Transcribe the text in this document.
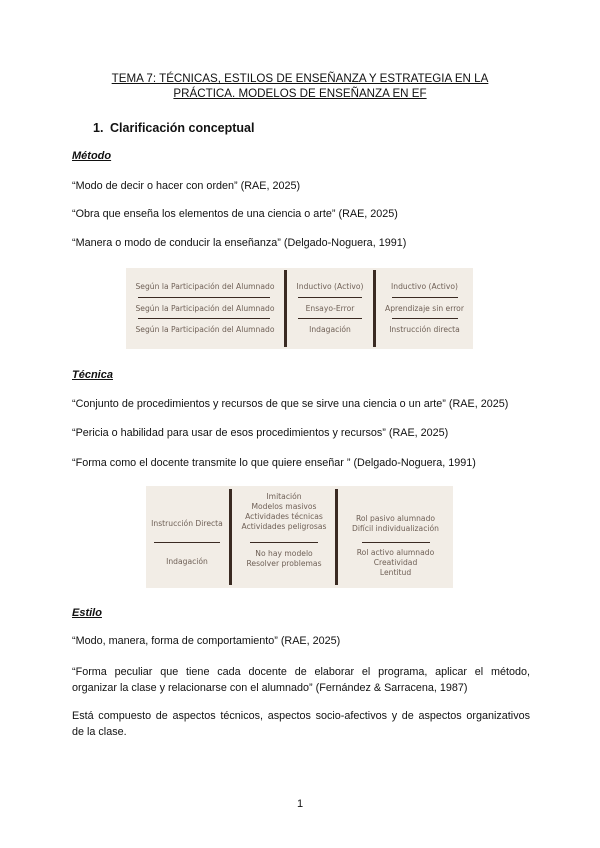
TEMA 7: TÉCNICAS, ESTILOS DE ENSEÑANZA Y ESTRATEGIA EN LA
PRÁCTICA. MODELOS DE ENSEÑANZA EN EF
1. Clarificación conceptual
Método
“Modo de decir o hacer con orden” (RAE, 2025)
“Obra que enseña los elementos de una ciencia o arte” (RAE, 2025)
“Manera o modo de conducir la enseñanza” (Delgado-Noguera, 1991)
Según la Participación del Alumnado
Según la Participación del Alumnado
Según la Participación del Alumnado
Inductivo (Activo)
Ensayo-Error
Indagación
Inductivo (Activo)
Aprendizaje sin error
Instrucción directa
Técnica
“Conjunto de procedimientos y recursos de que se sirve una ciencia o un arte” (RAE, 2025)
“Pericia o habilidad para usar de esos procedimientos y recursos” (RAE, 2025)
“Forma como el docente transmite lo que quiere enseñar ” (Delgado-Noguera, 1991)
Instrucción Directa
Indagación
Imitación
Modelos masivos
Actividades técnicas
Actividades peligrosas
No hay modelo
Resolver problemas
Rol pasivo alumnado
Difícil individualización
Rol activo alumnado
Creatividad
Lentitud
Estilo
“Modo, manera, forma de comportamiento” (RAE, 2025)
“Forma peculiar que tiene cada docente de elaborar el programa, aplicar el método,
organizar la clase y relacionarse con el alumnado” (Fernández & Sarracena, 1987)
Está compuesto de aspectos técnicos, aspectos socio-afectivos y de aspectos organizativos
de la clase.
1
